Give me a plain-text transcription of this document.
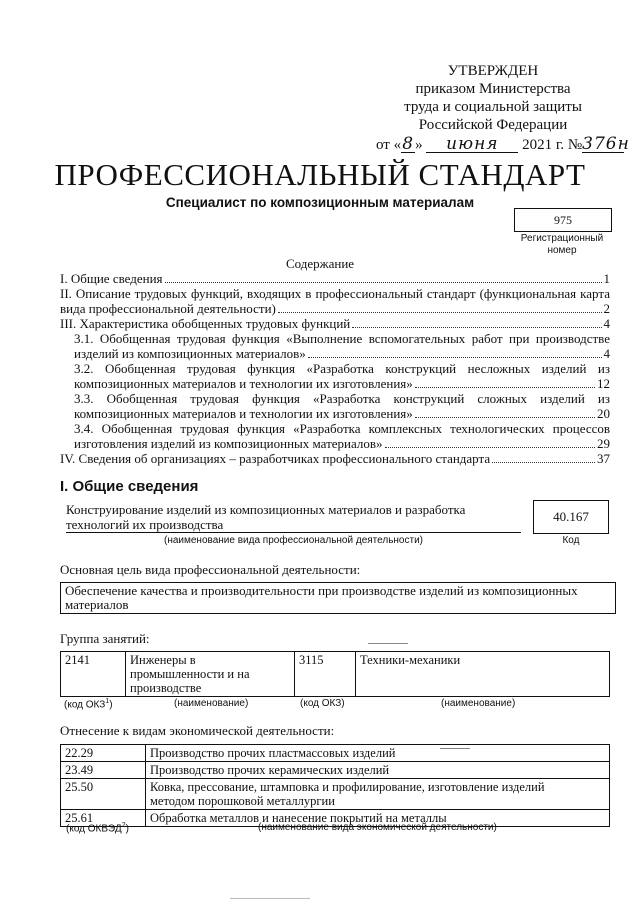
УТВЕРЖДЕН
приказом Министерства
труда и социальной защиты
Российской Федерации
от «8» июня 2021 г. №376н
ПРОФЕССИОНАЛЬНЫЙ СТАНДАРТ
Специалист по композиционным материалам
975
Регистрационный
номер
Содержание
I. Общие сведения	1
II. Описание трудовых функций, входящих в профессиональный стандарт (функциональная карта
вида профессиональной деятельности)	2
III. Характеристика обобщенных трудовых функций	4
3.1. Обобщенная трудовая функция «Выполнение вспомогательных работ при производстве
изделий из композиционных материалов»	4
3.2. Обобщенная трудовая функция «Разработка конструкций несложных изделий из
композиционных материалов и технологии их изготовления»	12
3.3. Обобщенная трудовая функция «Разработка конструкций сложных изделий из
композиционных материалов и технологии их изготовления»	20
3.4. Обобщенная трудовая функция «Разработка комплексных технологических процессов
изготовления изделий из композиционных материалов»	29
IV. Сведения об организациях – разработчиках профессионального стандарта	37
I. Общие сведения
Конструирование изделий из композиционных материалов и разработка
технологий их производства
(наименование вида профессиональной деятельности)
40.167
Код
Основная цель вида профессиональной деятельности:
Обеспечение качества и производительности при производстве изделий из композиционных
материалов
Группа занятий:
2141	Инженеры в
промышленности и на
производстве
	3115	Техники-механики
(код ОКЗ$^1$)	(наименование)	(код ОКЗ)	(наименование)
Отнесение к видам экономической деятельности:
22.29	Производство прочих пластмассовых изделий
23.49	Производство прочих керамических изделий
25.50	Ковка, прессование, штамповка и профилирование, изготовление изделий
методом порошковой металлургии

25.61	Обработка металлов и нанесение покрытий на металлы
(код ОКВЭД$^2$)	(наименование вида экономической деятельности)
